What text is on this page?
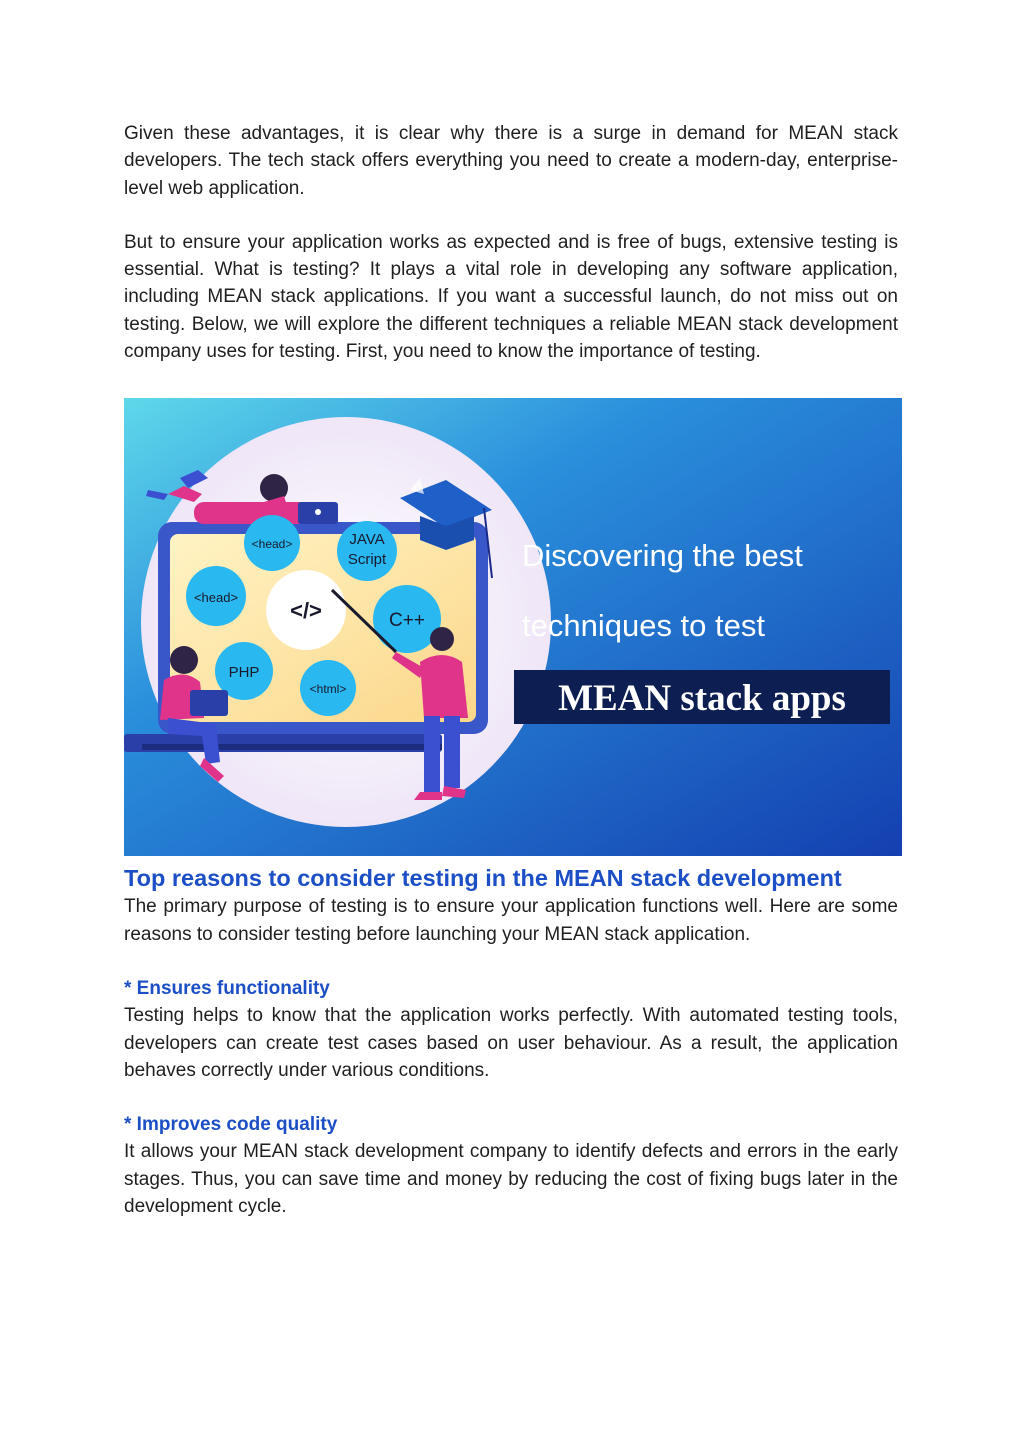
Given these advantages, it is clear why there is a surge in demand for MEAN stack developers. The tech stack offers everything you need to create a modern-day, enterprise-level web application.

But to ensure your application works as expected and is free of bugs, extensive testing is essential. What is testing? It plays a vital role in developing any software application, including MEAN stack applications. If you want a successful launch, do not miss out on testing. Below, we will explore the different techniques a reliable MEAN stack development company uses for testing. First, you need to know the importance of testing.

<head>	JAVA
Script
<head>
</>	C++
PHP
<html>
Discovering the best
techniques to test
MEAN stack apps
Top reasons to consider testing in the MEAN stack development

The primary purpose of testing is to ensure your application functions well. Here are some reasons to consider testing before launching your MEAN stack application.

* Ensures functionality

Testing helps to know that the application works perfectly. With automated testing tools, developers can create test cases based on user behaviour. As a result, the application behaves correctly under various conditions.

* Improves code quality

It allows your MEAN stack development company to identify defects and errors in the early stages. Thus, you can save time and money by reducing the cost of fixing bugs later in the development cycle.
